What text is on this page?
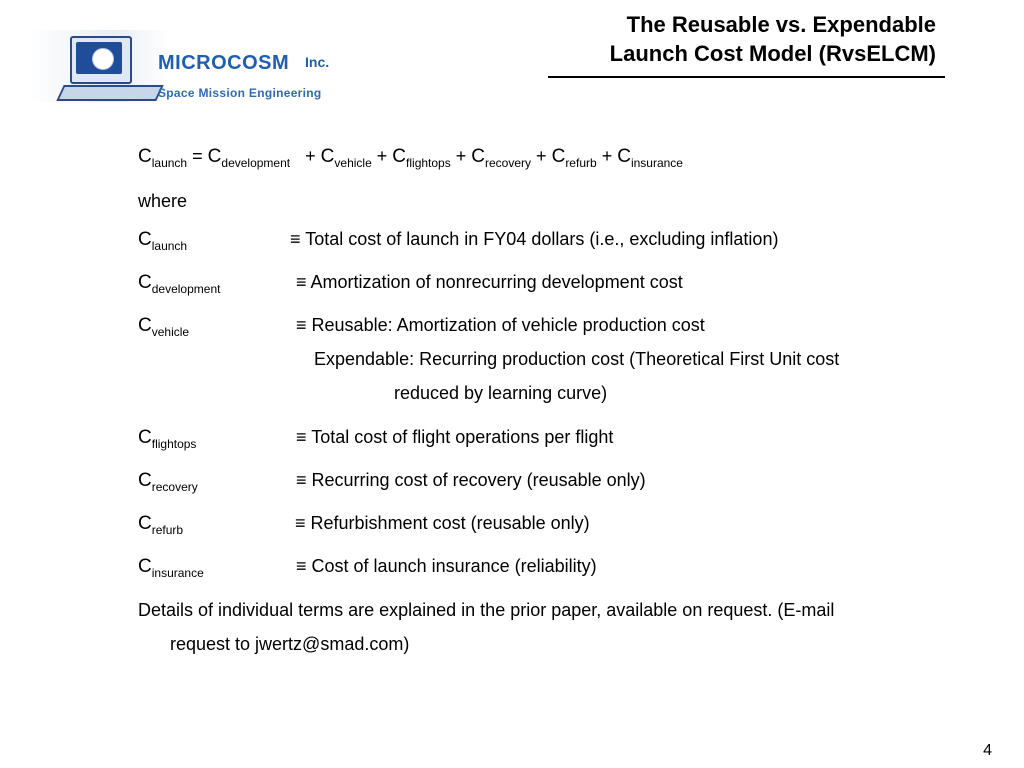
MICROCOSM Inc.
Space Mission Engineering
The Reusable vs. Expendable
Launch Cost Model (RvsELCM)
$C_{launch} = C_{development} + C_{vehicle} + C_{flightops} + C_{recovery} + C_{refurb} + C_{insurance}$
where
$C_{launch}$	≡ Total cost of launch in FY04 dollars (i.e., excluding inflation)
$C_{development}$	≡ Amortization of nonrecurring development cost
$C_{vehicle}$	≡ Reusable: Amortization of vehicle production cost
Expendable: Recurring production cost (Theoretical First Unit cost
reduced by learning curve)
$C_{flightops}$	≡ Total cost of flight operations per flight
$C_{recovery}$	≡ Recurring cost of recovery (reusable only)
$C_{refurb}$	≡ Refurbishment cost (reusable only)
$C_{insurance}$	≡ Cost of launch insurance (reliability)
Details of individual terms are explained in the prior paper, available on request. (E-mail
request to jwertz@smad.com)
4
